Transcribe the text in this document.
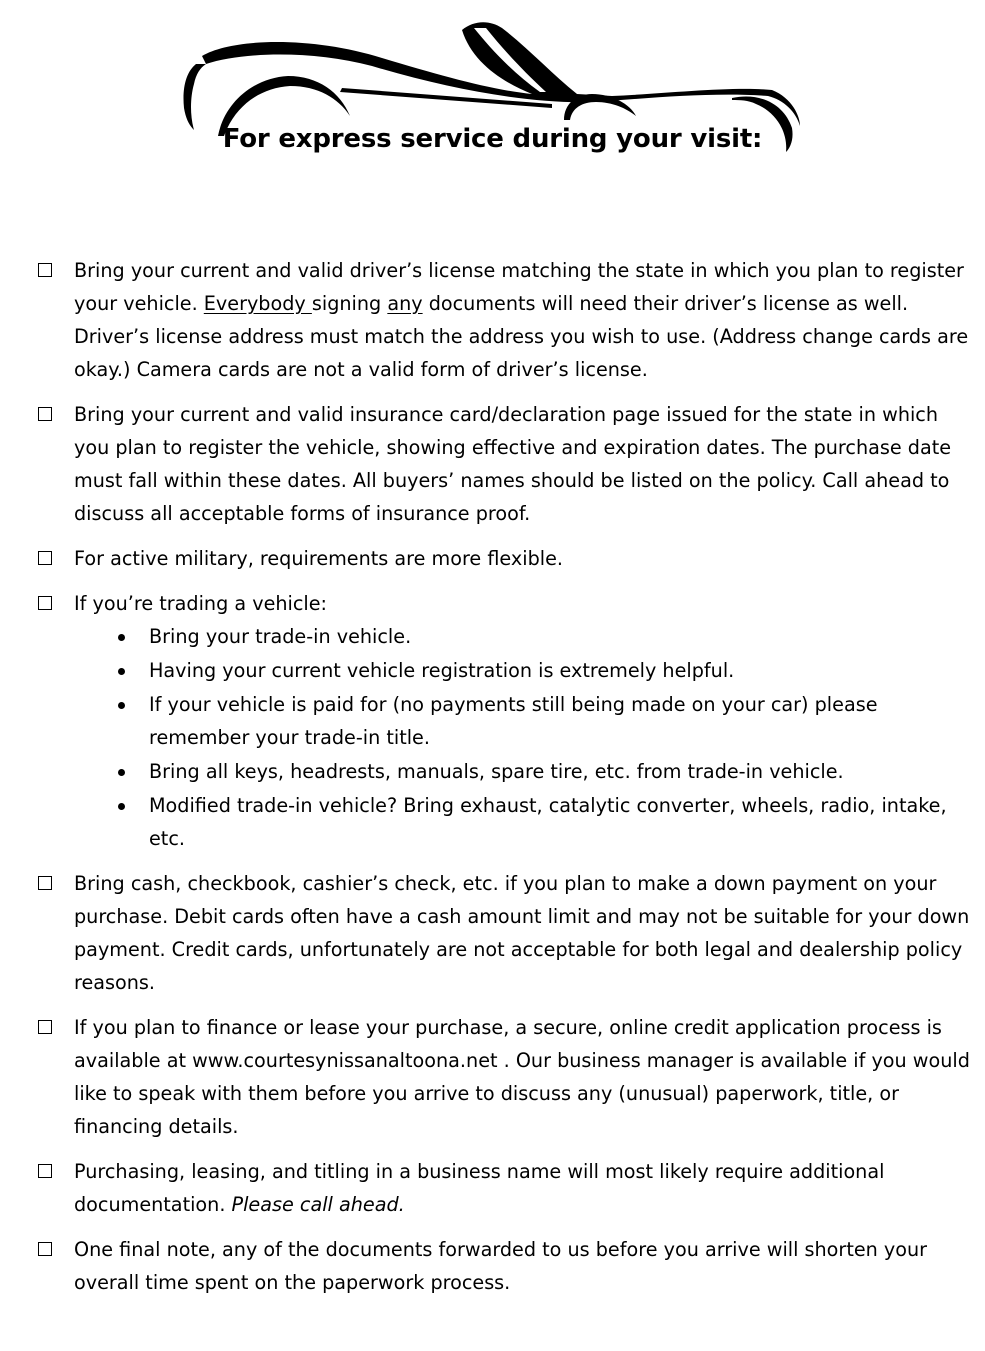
For express service during your visit:
Bring your current and valid driver’s license matching the state in which you plan to register your vehicle. Everybody signing any documents will need their driver’s license as well. Driver’s license address must match the address you wish to use. (Address change cards are okay.) Camera cards are not a valid form of driver’s license.
Bring your current and valid insurance card/declaration page issued for the state in which you plan to register the vehicle, showing effective and expiration dates. The purchase date must fall within these dates. All buyers’ names should be listed on the policy. Call ahead to discuss all acceptable forms of insurance proof.
For active military, requirements are more flexible.
If you’re trading a vehicle:
Bring your trade-in vehicle.
Having your current vehicle registration is extremely helpful.
If your vehicle is paid for (no payments still being made on your car) please remember your trade-in title.
Bring all keys, headrests, manuals, spare tire, etc. from trade-in vehicle.
Modified trade-in vehicle? Bring exhaust, catalytic converter, wheels, radio, intake, etc.
Bring cash, checkbook, cashier’s check, etc. if you plan to make a down payment on your purchase. Debit cards often have a cash amount limit and may not be suitable for your down payment. Credit cards, unfortunately are not acceptable for both legal and dealership policy reasons.
If you plan to finance or lease your purchase, a secure, online credit application process is available at www.courtesynissanaltoona.net . Our business manager is available if you would like to speak with them before you arrive to discuss any (unusual) paperwork, title, or financing details.
Purchasing, leasing, and titling in a business name will most likely require additional documentation. Please call ahead.
One final note, any of the documents forwarded to us before you arrive will shorten your overall time spent on the paperwork process.
